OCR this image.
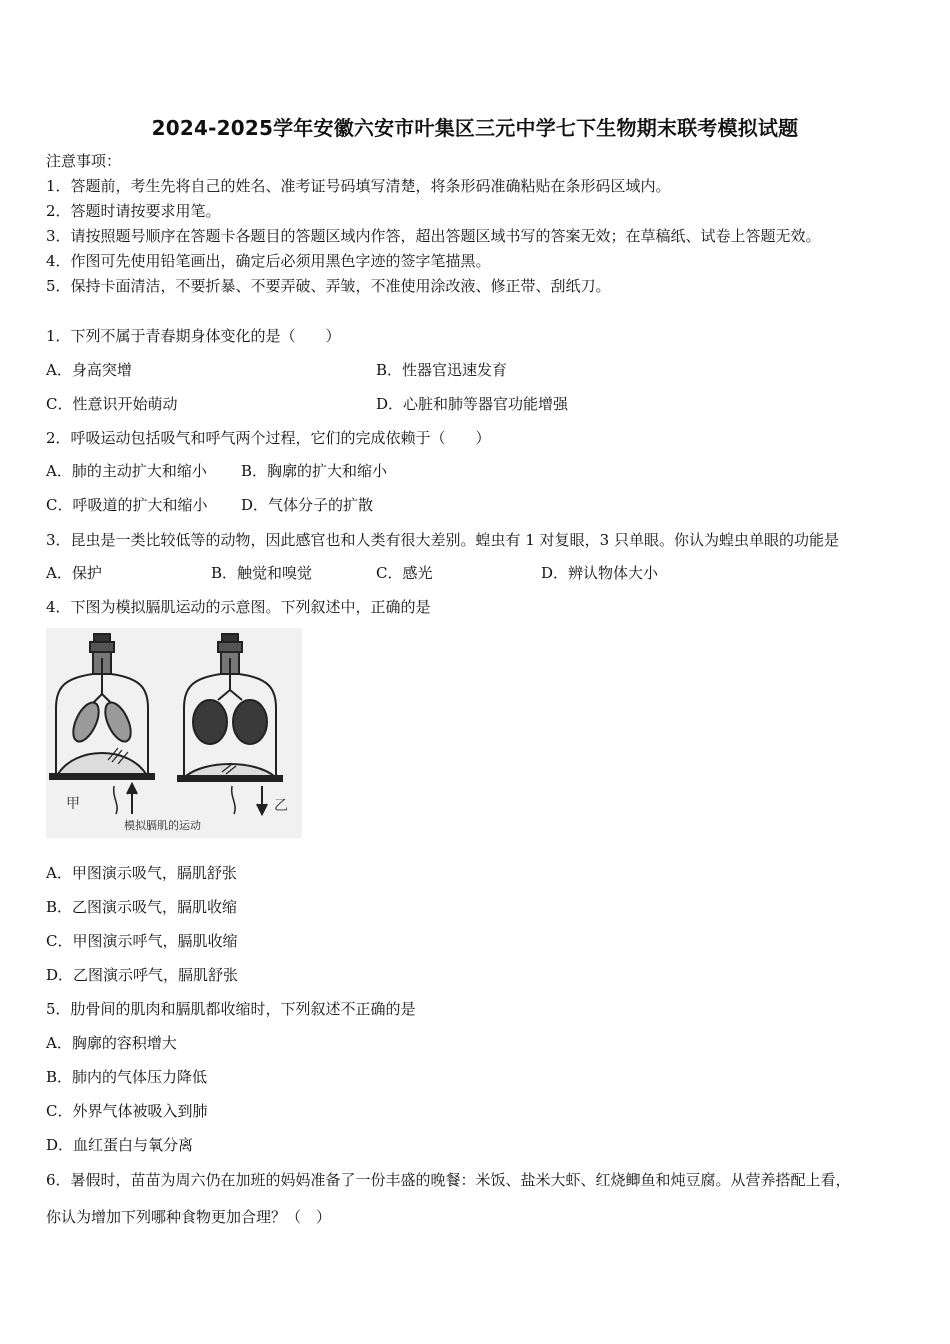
2024-2025学年安徽六安市叶集区三元中学七下生物期末联考模拟试题
注意事项：
1．答题前，考生先将自己的姓名、准考证号码填写清楚，将条形码准确粘贴在条形码区域内。
2．答题时请按要求用笔。
3．请按照题号顺序在答题卡各题目的答题区域内作答，超出答题区域书写的答案无效；在草稿纸、试卷上答题无效。
4．作图可先使用铅笔画出，确定后必须用黑色字迹的签字笔描黑。
5．保持卡面清洁，不要折暴、不要弄破、弄皱，不准使用涂改液、修正带、刮纸刀。
1．下列不属于青春期身体变化的是（　　）
A．身高突增	B．性器官迅速发育
C．性意识开始萌动	D．心脏和肺等器官功能增强
2．呼吸运动包括吸气和呼气两个过程，它们的完成依赖于（　　）
A．肺的主动扩大和缩小 B．胸廓的扩大和缩小
C．呼吸道的扩大和缩小 D．气体分子的扩散
3．昆虫是一类比较低等的动物，因此感官也和人类有很大差别。蝗虫有 1 对复眼，3 只单眼。你认为蝗虫单眼的功能是
A．保护	B．触觉和嗅觉	C．感光	D．辨认物体大小
4．下图为模拟膈肌运动的示意图。下列叙述中，正确的是
甲	乙
模拟膈肌的运动
A．甲图演示吸气，膈肌舒张
B．乙图演示吸气，膈肌收缩
C．甲图演示呼气，膈肌收缩
D．乙图演示呼气，膈肌舒张
5．肋骨间的肌肉和膈肌都收缩时，下列叙述不正确的是
A．胸廓的容积增大
B．肺内的气体压力降低
C．外界气体被吸入到肺
D．血红蛋白与氧分离
6．暑假时，苗苗为周六仍在加班的妈妈准备了一份丰盛的晚餐：米饭、盐米大虾、红烧鲫鱼和炖豆腐。从营养搭配上看，
你认为增加下列哪种食物更加合理？（　）
